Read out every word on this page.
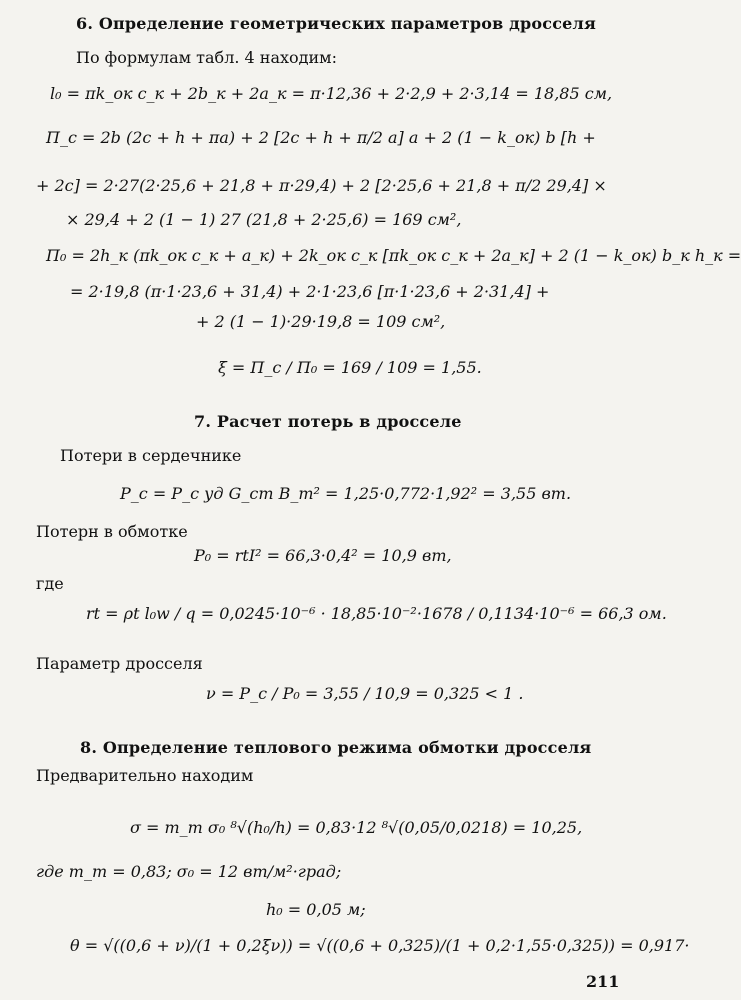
6. Определение геометрических параметров дросселя
По формулам табл. 4 находим:
l₀ = πk_ок c_к + 2b_к + 2a_к = π·12,36 + 2·2,9 + 2·3,14 = 18,85 см,
Π_с = 2b (2c + h + πa) + 2 [2c + h + π/2 a] a + 2 (1 − k_ок) b [h +
+ 2c] = 2·27(2·25,6 + 21,8 + π·29,4) + 2 [2·25,6 + 21,8 + π/2 29,4] ×
× 29,4 + 2 (1 − 1) 27 (21,8 + 2·25,6) = 169 см²,
Π₀ = 2h_к (πk_ок c_к + a_к) + 2k_ок c_к [πk_ок c_к + 2a_к] + 2 (1 − k_ок) b_к h_к =
= 2·19,8 (π·1·23,6 + 31,4) + 2·1·23,6 [π·1·23,6 + 2·31,4] +
+ 2 (1 − 1)·29·19,8 = 109 см²,
ξ = Π_с / Π₀ = 169 / 109 = 1,55.
7. Расчет потерь в дросселе
Потери в сердечнике
P_с = P_с уд G_ст B_m² = 1,25·0,772·1,92² = 3,55 вт.
Потерн в обмотке
P₀ = rtI² = 66,3·0,4² = 10,9 вт,
где
rt = ρt l₀w / q = 0,0245·10⁻⁶ · 18,85·10⁻²·1678 / 0,1134·10⁻⁶ = 66,3 ом.
Параметр дросселя
ν = P_с / P₀ = 3,55 / 10,9 = 0,325 < 1 .
8. Определение теплового режима обмотки дросселя
Предварительно находим
σ = m_т σ₀ ⁸√(h₀/h) = 0,83·12 ⁸√(0,05/0,0218) = 10,25,
где m_т = 0,83; σ₀ = 12 вт/м²·град;
h₀ = 0,05 м;
θ = √((0,6 + ν)/(1 + 0,2ξν)) = √((0,6 + 0,325)/(1 + 0,2·1,55·0,325)) = 0,917·
211
